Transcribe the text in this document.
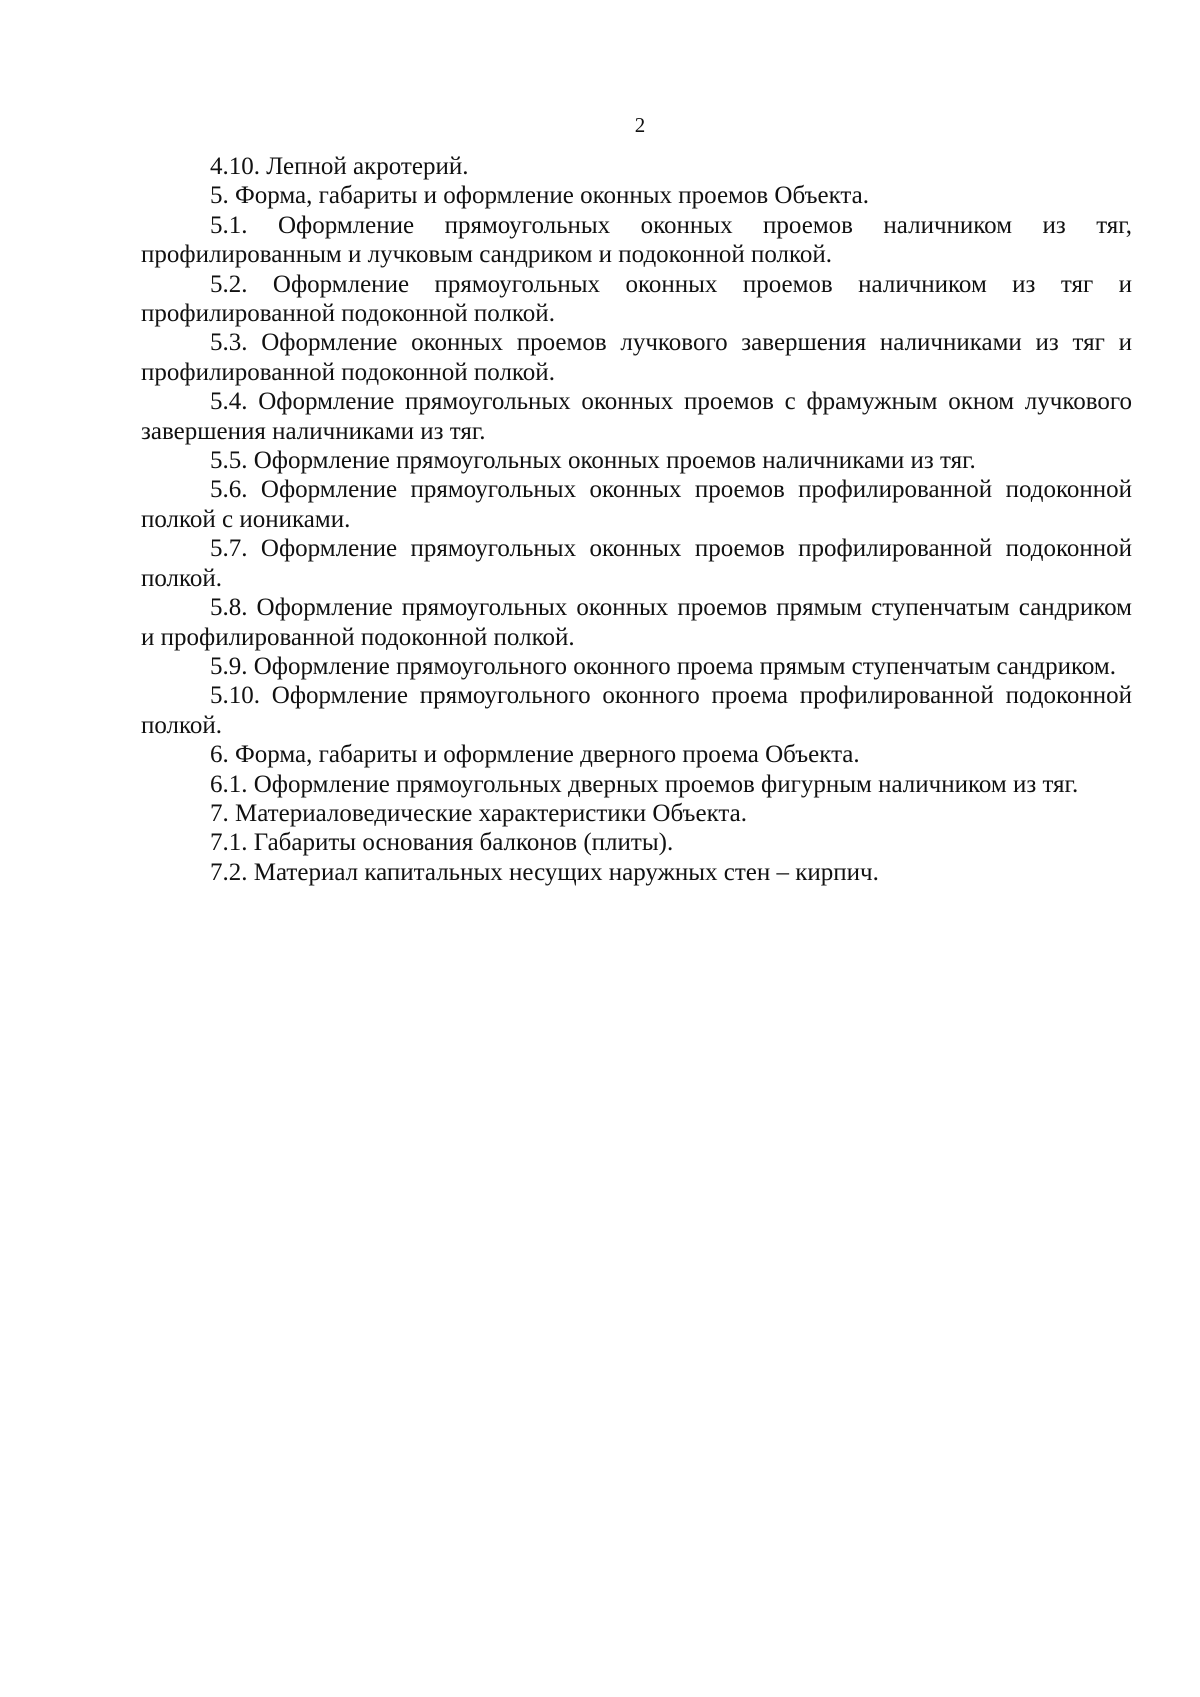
2

4.10. Лепной акротерий.

5. Форма, габариты и оформление оконных проемов Объекта.

5.1. Оформление прямоугольных оконных проемов наличником из тяг, профилированным и лучковым сандриком и подоконной полкой.

5.2. Оформление прямоугольных оконных проемов наличником из тяг и профилированной подоконной полкой.

5.3. Оформление оконных проемов лучкового завершения наличниками из тяг и профилированной подоконной полкой.

5.4. Оформление прямоугольных оконных проемов с фрамужным окном лучкового завершения наличниками из тяг.

5.5. Оформление прямоугольных оконных проемов наличниками из тяг.

5.6. Оформление прямоугольных оконных проемов профилированной подоконной полкой с иониками.

5.7. Оформление прямоугольных оконных проемов профилированной подоконной полкой.

5.8. Оформление прямоугольных оконных проемов прямым ступенчатым сандриком и профилированной подоконной полкой.

5.9. Оформление прямоугольного оконного проема прямым ступенчатым сандриком.

5.10. Оформление прямоугольного оконного проема профилированной подоконной полкой.

6. Форма, габариты и оформление дверного проема Объекта.

6.1. Оформление прямоугольных дверных проемов фигурным наличником из тяг.

7. Материаловедические характеристики Объекта.

7.1. Габариты основания балконов (плиты).

7.2. Материал капитальных несущих наружных стен – кирпич.
